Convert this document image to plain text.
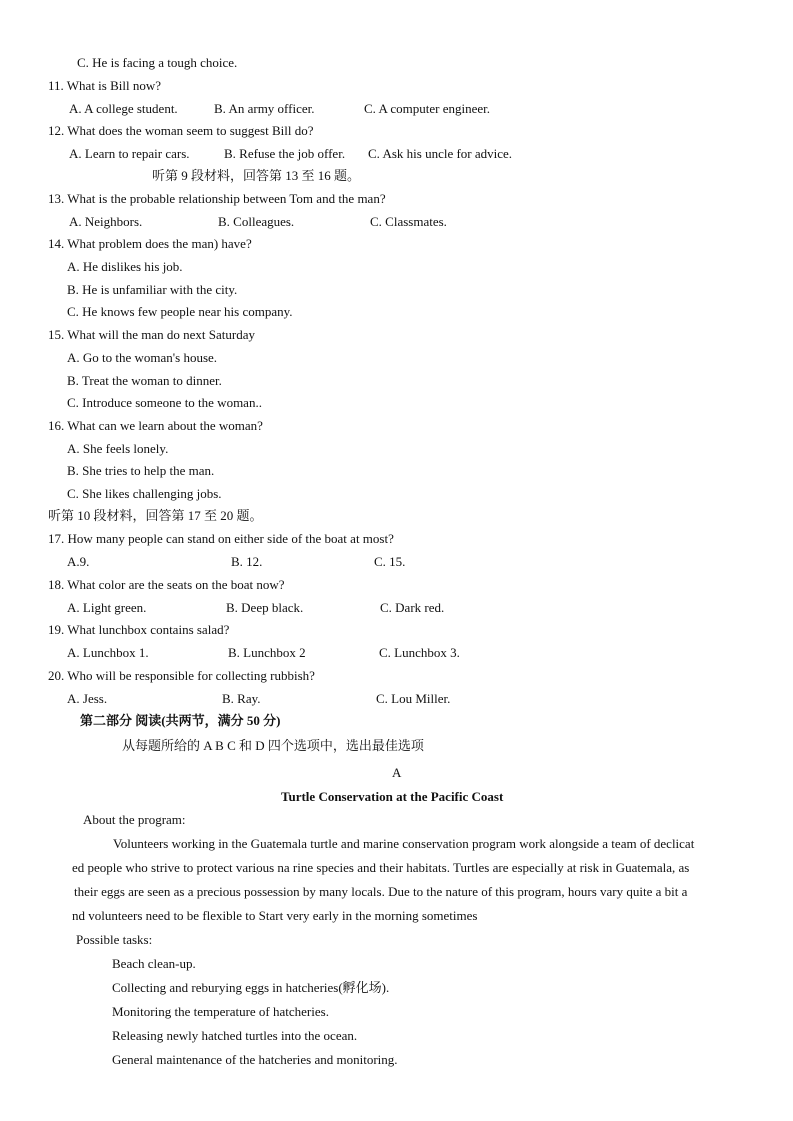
C. He is facing a tough choice.
11. What is Bill now?
A. A college student.	B. An army officer.	C. A computer engineer.
12. What does the woman seem to suggest Bill do?
A. Learn to repair cars.	B. Refuse the job offer. C. Ask his uncle for advice.
听第 9 段材料，回答第 13 至 16 题。
13. What is the probable relationship between Tom and the man?
A. Neighbors.	B. Colleagues.	C. Classmates.
14. What problem does the man) have?
A. He dislikes his job.
B. He is unfamiliar with the city.
C. He knows few people near his company.
15. What will the man do next Saturday
A. Go to the woman's house.
B. Treat the woman to dinner.
C. Introduce someone to the woman..
16. What can we learn about the woman?
A. She feels lonely.
B. She tries to help the man.
C. She likes challenging jobs.
听第 10 段材料，回答第 17 至 20 题。
17. How many people can stand on either side of the boat at most?
A.9.	B. 12.	C. 15.
18. What color are the seats on the boat now?
A. Light green.	B. Deep black.	C. Dark red.
19. What lunchbox contains salad?
A. Lunchbox 1.	B. Lunchbox 2	C. Lunchbox 3.
20. Who will be responsible for collecting rubbish?
A. Jess.	B. Ray.	C. Lou Miller.
第二部分 阅读(共两节，满分 50 分)
从每题所给的 A B C 和 D 四个选项中，选出最佳选项
A
Turtle Conservation at the Pacific Coast
About the program:
Volunteers working in the Guatemala turtle and marine conservation program work alongside a team of declicat
ed people who strive to protect various na rine species and their habitats. Turtles are especially at risk in Guatemala, as
their eggs are seen as a precious possession by many locals. Due to the nature of this program, hours vary quite a bit a
nd volunteers need to be flexible to Start very early in the morning sometimes
Possible tasks:
Beach clean-up.
Collecting and reburying eggs in hatcheries(孵化场).
Monitoring the temperature of hatcheries.
Releasing newly hatched turtles into the ocean.
General maintenance of the hatcheries and monitoring.
